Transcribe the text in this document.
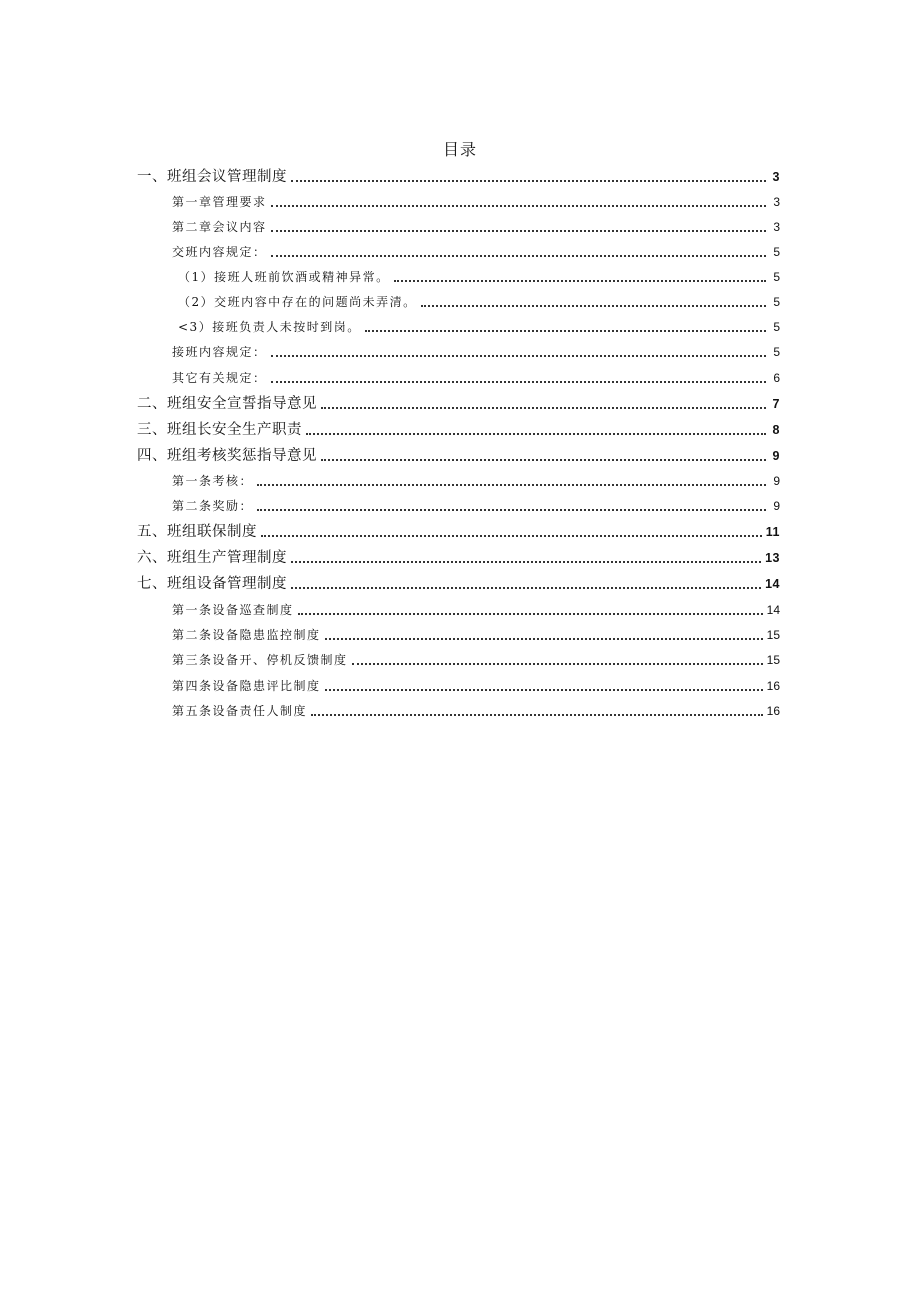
目录
一、班组会议管理制度	3
第一章管理要求	3
第二章会议内容	3
交班内容规定：	5
（1）接班人班前饮酒或精神异常。	5
（2）交班内容中存在的问题尚未弄清。	5
<3）接班负责人未按时到岗。	5
接班内容规定：	5
其它有关规定：	6
二、班组安全宣誓指导意见	7
三、班组长安全生产职责	8
四、班组考核奖惩指导意见	9
第一条考核：	9
第二条奖励：	9
五、班组联保制度	11
六、班组生产管理制度	13
七、班组设备管理制度	14
第一条设备巡查制度	14
第二条设备隐患监控制度	15
第三条设备开、停机反馈制度	15
第四条设备隐患评比制度	16
第五条设备责任人制度	16
